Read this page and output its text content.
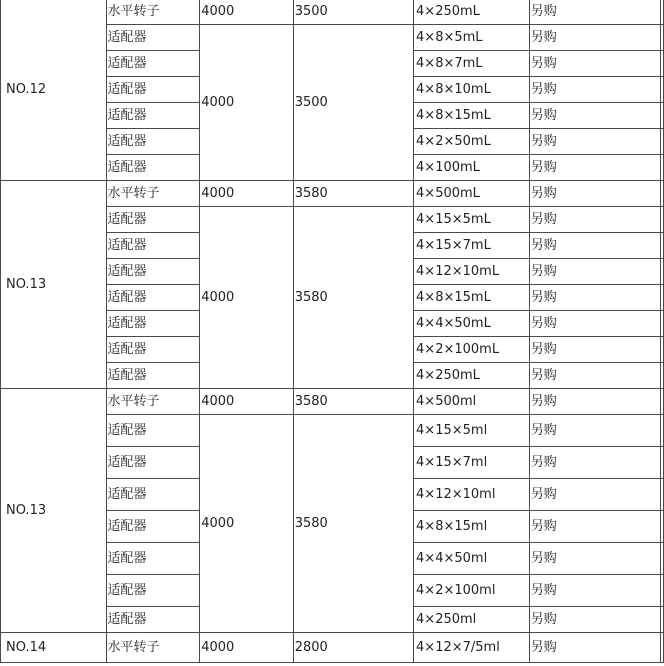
NO.12	水平转子	4000	3500	4×250mL	另购	
	适配器	4000	3500	4×8×5mL	另购	
	适配器			4×8×7mL	另购	
	适配器			4×8×10mL	另购	
	适配器			4×8×15mL	另购	
	适配器			4×2×50mL	另购	
	适配器			4×100mL	另购	
NO.13	水平转子	4000	3580	4×500mL	另购	
	适配器	4000	3580	4×15×5mL	另购	
	适配器			4×15×7mL	另购	
	适配器			4×12×10mL	另购	
	适配器			4×8×15mL	另购	
	适配器			4×4×50mL	另购	
	适配器			4×2×100mL	另购	
	适配器			4×250mL	另购	
NO.13	水平转子	4000	3580	4×500ml	另购	
	适配器	4000	3580	4×15×5ml	另购	
	适配器			4×15×7ml	另购	
	适配器			4×12×10ml	另购	
	适配器			4×8×15ml	另购	
	适配器			4×4×50ml	另购	
	适配器			4×2×100ml	另购	
	适配器			4×250ml	另购	
NO.14	水平转子	4000	2800	4×12×7/5ml	另购	
